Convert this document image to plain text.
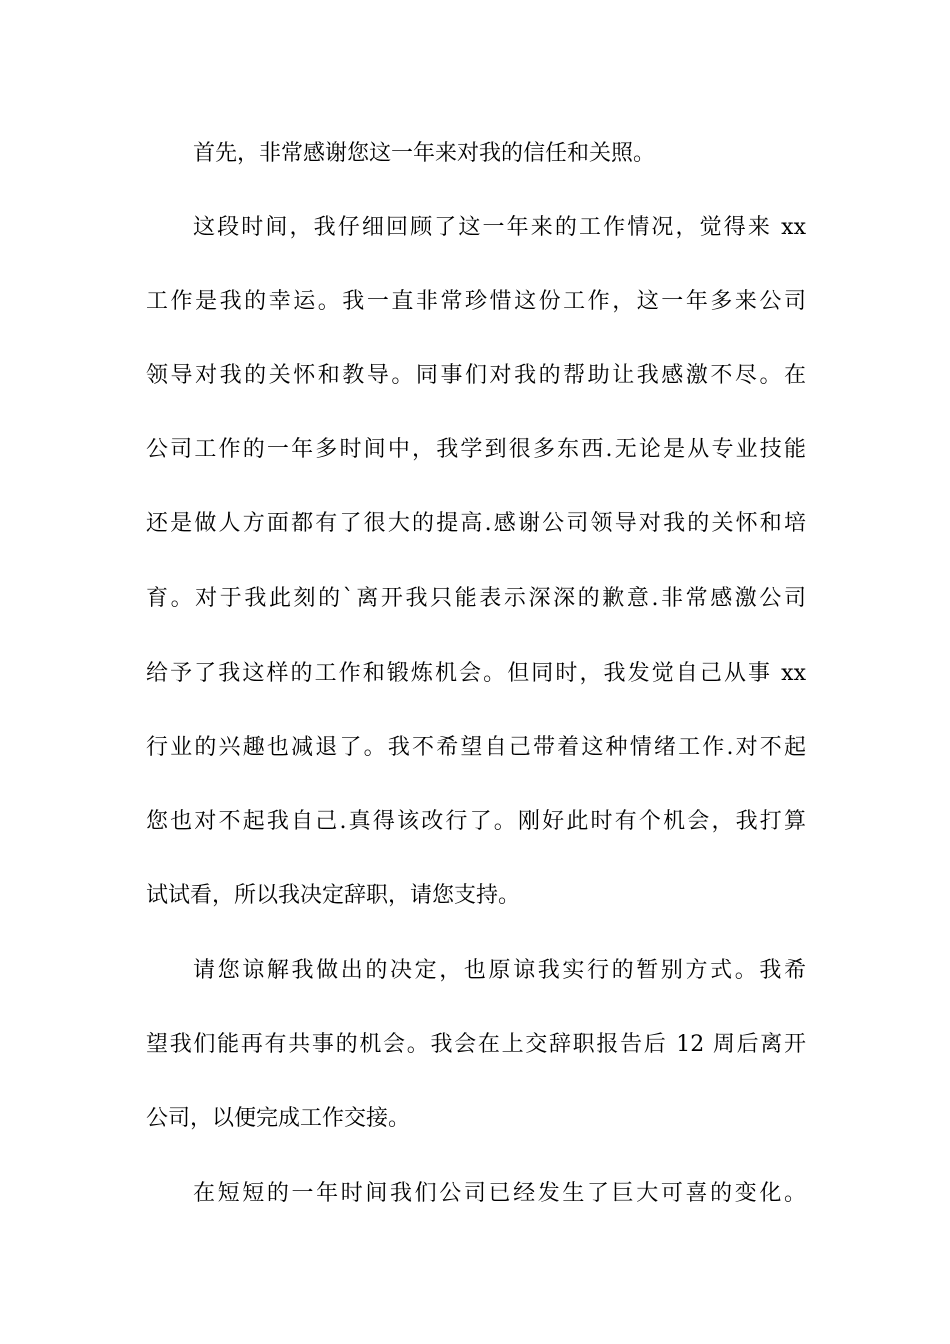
首先，非常感谢您这一年来对我的信任和关照。
这段时间，我仔细回顾了这一年来的工作情况，觉得来 xx
工作是我的幸运。我一直非常珍惜这份工作，这一年多来公司
领导对我的关怀和教导。同事们对我的帮助让我感激不尽。在
公司工作的一年多时间中，我学到很多东西.无论是从专业技能
还是做人方面都有了很大的提高.感谢公司领导对我的关怀和培
育。对于我此刻的`离开我只能表示深深的歉意.非常感激公司
给予了我这样的工作和锻炼机会。但同时，我发觉自己从事 xx
行业的兴趣也减退了。我不希望自己带着这种情绪工作.对不起
您也对不起我自己.真得该改行了。刚好此时有个机会，我打算
试试看，所以我决定辞职，请您支持。
请您谅解我做出的决定，也原谅我实行的暂别方式。我希
望我们能再有共事的机会。我会在上交辞职报告后 12 周后离开
公司，以便完成工作交接。
在短短的一年时间我们公司已经发生了巨大可喜的变化。
